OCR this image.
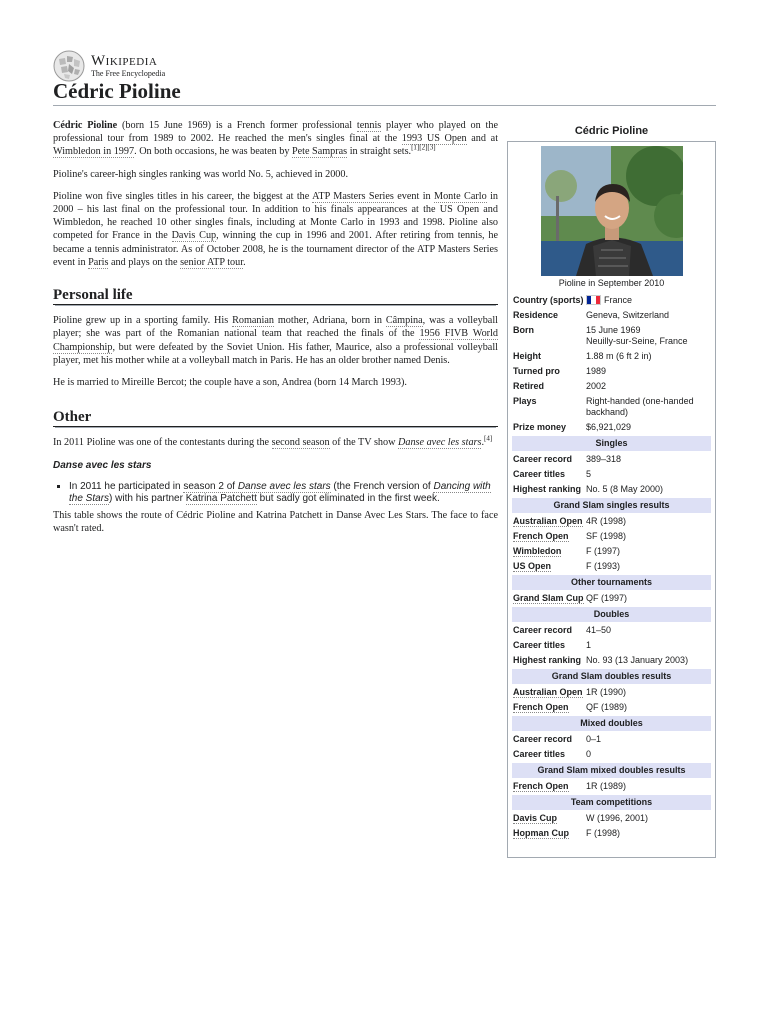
Wikipedia
The Free Encyclopedia
Cédric Pioline

Cédric Pioline (born 15 June 1969) is a French former professional tennis player who played on the professional tour from 1989 to 2002. He reached the men's singles final at the 1993 US Open and at Wimbledon in 1997. On both occasions, he was beaten by Pete Sampras in straight sets.[1][2][3]

Pioline's career-high singles ranking was world No. 5, achieved in 2000.

Pioline won five singles titles in his career, the biggest at the ATP Masters Series event in Monte Carlo in 2000 – his last final on the professional tour. In addition to his finals appearances at the US Open and Wimbledon, he reached 10 other singles finals, including at Monte Carlo in 1993 and 1998. Pioline also competed for France in the Davis Cup, winning the cup in 1996 and 2001. After retiring from tennis, he became a tennis administrator. As of October 2008, he is the tournament director of the ATP Masters Series event in Paris and plays on the senior ATP tour.

Personal life

Pioline grew up in a sporting family. His Romanian mother, Adriana, born in Câmpina, was a volleyball player; she was part of the Romanian national team that reached the finals of the 1956 FIVB World Championship, but were defeated by the Soviet Union. His father, Maurice, also a professional volleyball player, met his mother while at a volleyball match in Paris. He has an older brother named Denis.

He is married to Mireille Bercot; the couple have a son, Andrea (born 14 March 1993).

Other

In 2011 Pioline was one of the contestants during the second season of the TV show Danse avec les stars.[4]

Danse avec les stars
▪ In 2011 he participated in season 2 of Danse avec les stars (the French version of Dancing with the Stars) with his partner Katrina Patchett but sadly got eliminated in the first week.

This table shows the route of Cédric Pioline and Katrina Patchett in Danse Avec Les Stars. The face to face wasn't rated.

Cédric Pioline
Pioline in September 2010
Country (sports)	France
Residence	Geneva, Switzerland
Born	15 June 1969
Neuilly-sur-Seine, France
Height	1.88 m (6 ft 2 in)
Turned pro	1989
Retired	2002
Plays	Right-handed (one-handed backhand)
Prize money	$6,921,029
Singles	
Career record	389–318
Career titles	5
Highest ranking	No. 5 (8 May 2000)
Grand Slam singles results	
Australian Open	4R (1998)
French Open	SF (1998)
Wimbledon	F (1997)
US Open	F (1993)
Other tournaments	
Grand Slam Cup	QF (1997)
Doubles	
Career record	41–50
Career titles	1
Highest ranking	No. 93 (13 January 2003)
Grand Slam doubles results	
Australian Open	1R (1990)
French Open	QF (1989)
Mixed doubles	
Career record	0–1
Career titles	0
Grand Slam mixed doubles results	
French Open	1R (1989)
Team competitions	
Davis Cup	W (1996, 2001)
Hopman Cup	F (1998)
